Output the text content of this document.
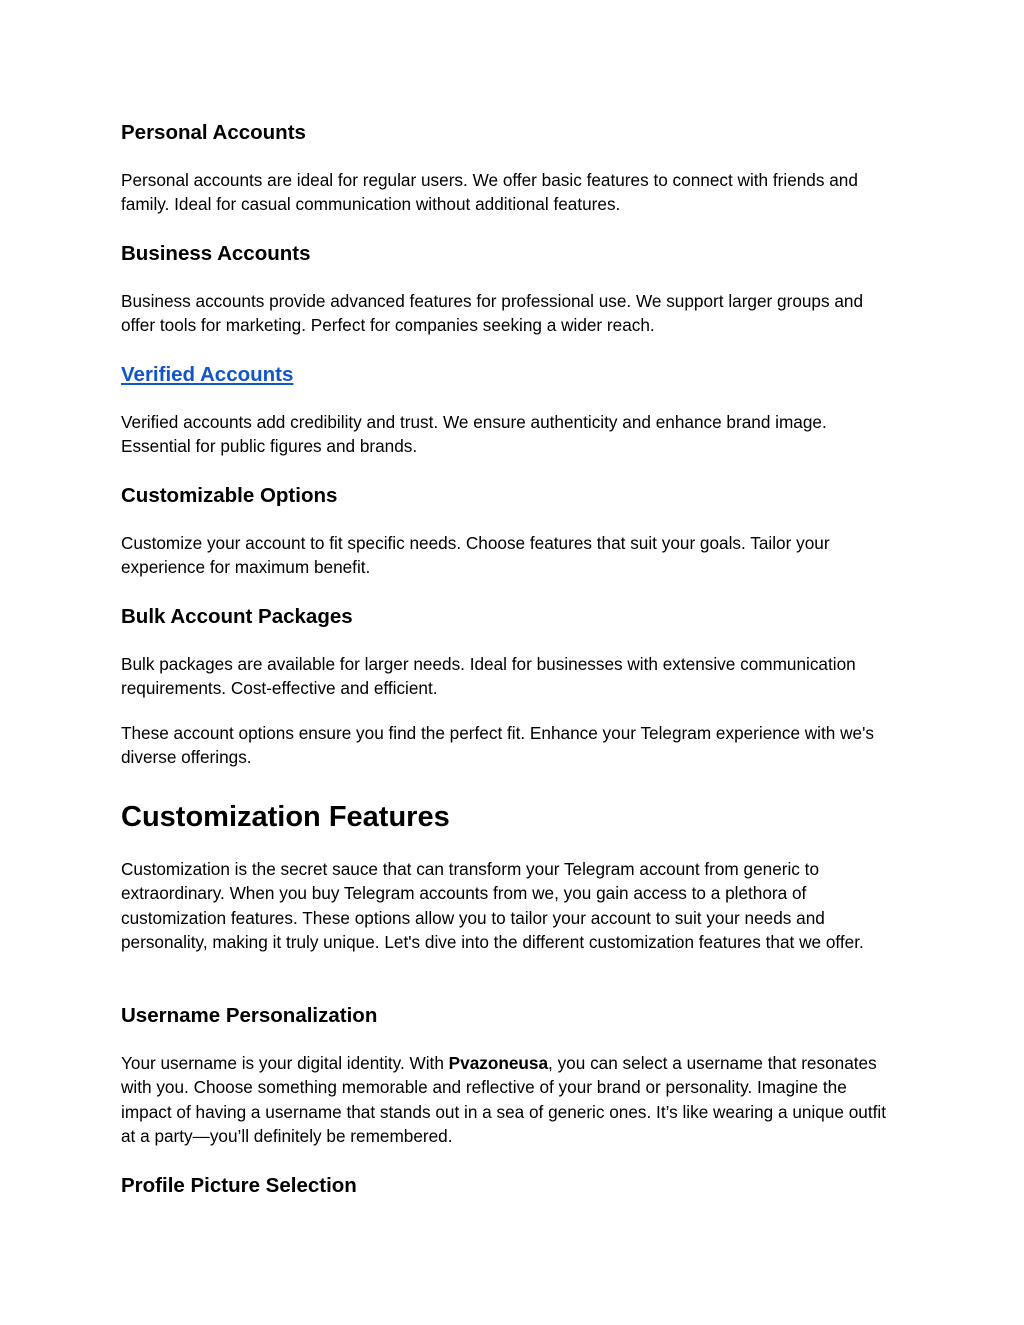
Personal Accounts

Personal accounts are ideal for regular users. We offer basic features to connect with friends and family. Ideal for casual communication without additional features.

Business Accounts

Business accounts provide advanced features for professional use. We support larger groups and offer tools for marketing. Perfect for companies seeking a wider reach.

Verified Accounts

Verified accounts add credibility and trust. We ensure authenticity and enhance brand image. Essential for public figures and brands.

Customizable Options

Customize your account to fit specific needs. Choose features that suit your goals. Tailor your experience for maximum benefit.

Bulk Account Packages

Bulk packages are available for larger needs. Ideal for businesses with extensive communication requirements. Cost-effective and efficient.

These account options ensure you find the perfect fit. Enhance your Telegram experience with we's diverse offerings.

Customization Features

Customization is the secret sauce that can transform your Telegram account from generic to extraordinary. When you buy Telegram accounts from we, you gain access to a plethora of customization features. These options allow you to tailor your account to suit your needs and personality, making it truly unique. Let's dive into the different customization features that we offer.

Username Personalization

Your username is your digital identity. With Pvazoneusa, you can select a username that resonates with you. Choose something memorable and reflective of your brand or personality. Imagine the impact of having a username that stands out in a sea of generic ones. It’s like wearing a unique outfit at a party—you’ll definitely be remembered.

Profile Picture Selection
